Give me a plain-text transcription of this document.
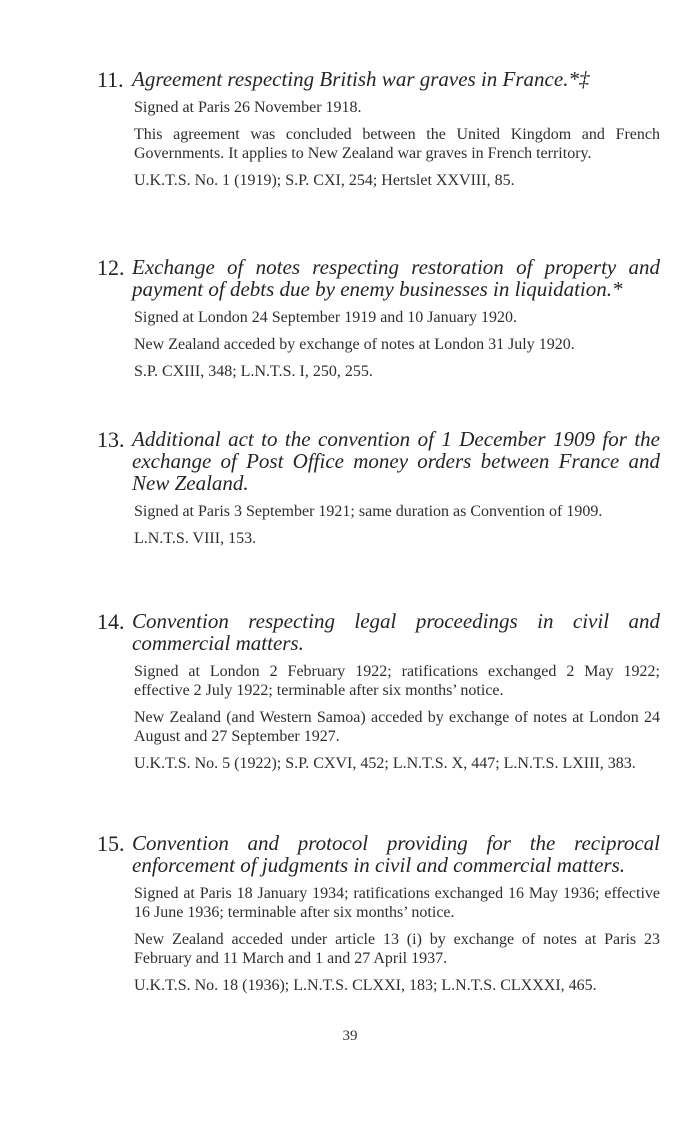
11. Agreement respecting British war graves in France.*‡

Signed at Paris 26 November 1918.

This agreement was concluded between the United Kingdom and French Governments. It applies to New Zealand war graves in French territory.

U.K.T.S. No. 1 (1919); S.P. CXI, 254; Hertslet XXVIII, 85.

12. Exchange of notes respecting restoration of property and payment of debts due by enemy businesses in liquidation.*

Signed at London 24 September 1919 and 10 January 1920.

New Zealand acceded by exchange of notes at London 31 July 1920.

S.P. CXIII, 348; L.N.T.S. I, 250, 255.

13. Additional act to the convention of 1 December 1909 for the exchange of Post Office money orders between France and New Zealand.

Signed at Paris 3 September 1921; same duration as Convention of 1909.

L.N.T.S. VIII, 153.

14. Convention respecting legal proceedings in civil and commercial matters.

Signed at London 2 February 1922; ratifications exchanged 2 May 1922; effective 2 July 1922; terminable after six months’ notice.

New Zealand (and Western Samoa) acceded by exchange of notes at London 24 August and 27 September 1927.

U.K.T.S. No. 5 (1922); S.P. CXVI, 452; L.N.T.S. X, 447; L.N.T.S. LXIII, 383.

15. Convention and protocol providing for the reciprocal enforcement of judgments in civil and commercial matters.

Signed at Paris 18 January 1934; ratifications exchanged 16 May 1936; effective 16 June 1936; terminable after six months’ notice.

New Zealand acceded under article 13 (i) by exchange of notes at Paris 23 February and 11 March and 1 and 27 April 1937.

U.K.T.S. No. 18 (1936); L.N.T.S. CLXXI, 183; L.N.T.S. CLXXXI, 465.

39
